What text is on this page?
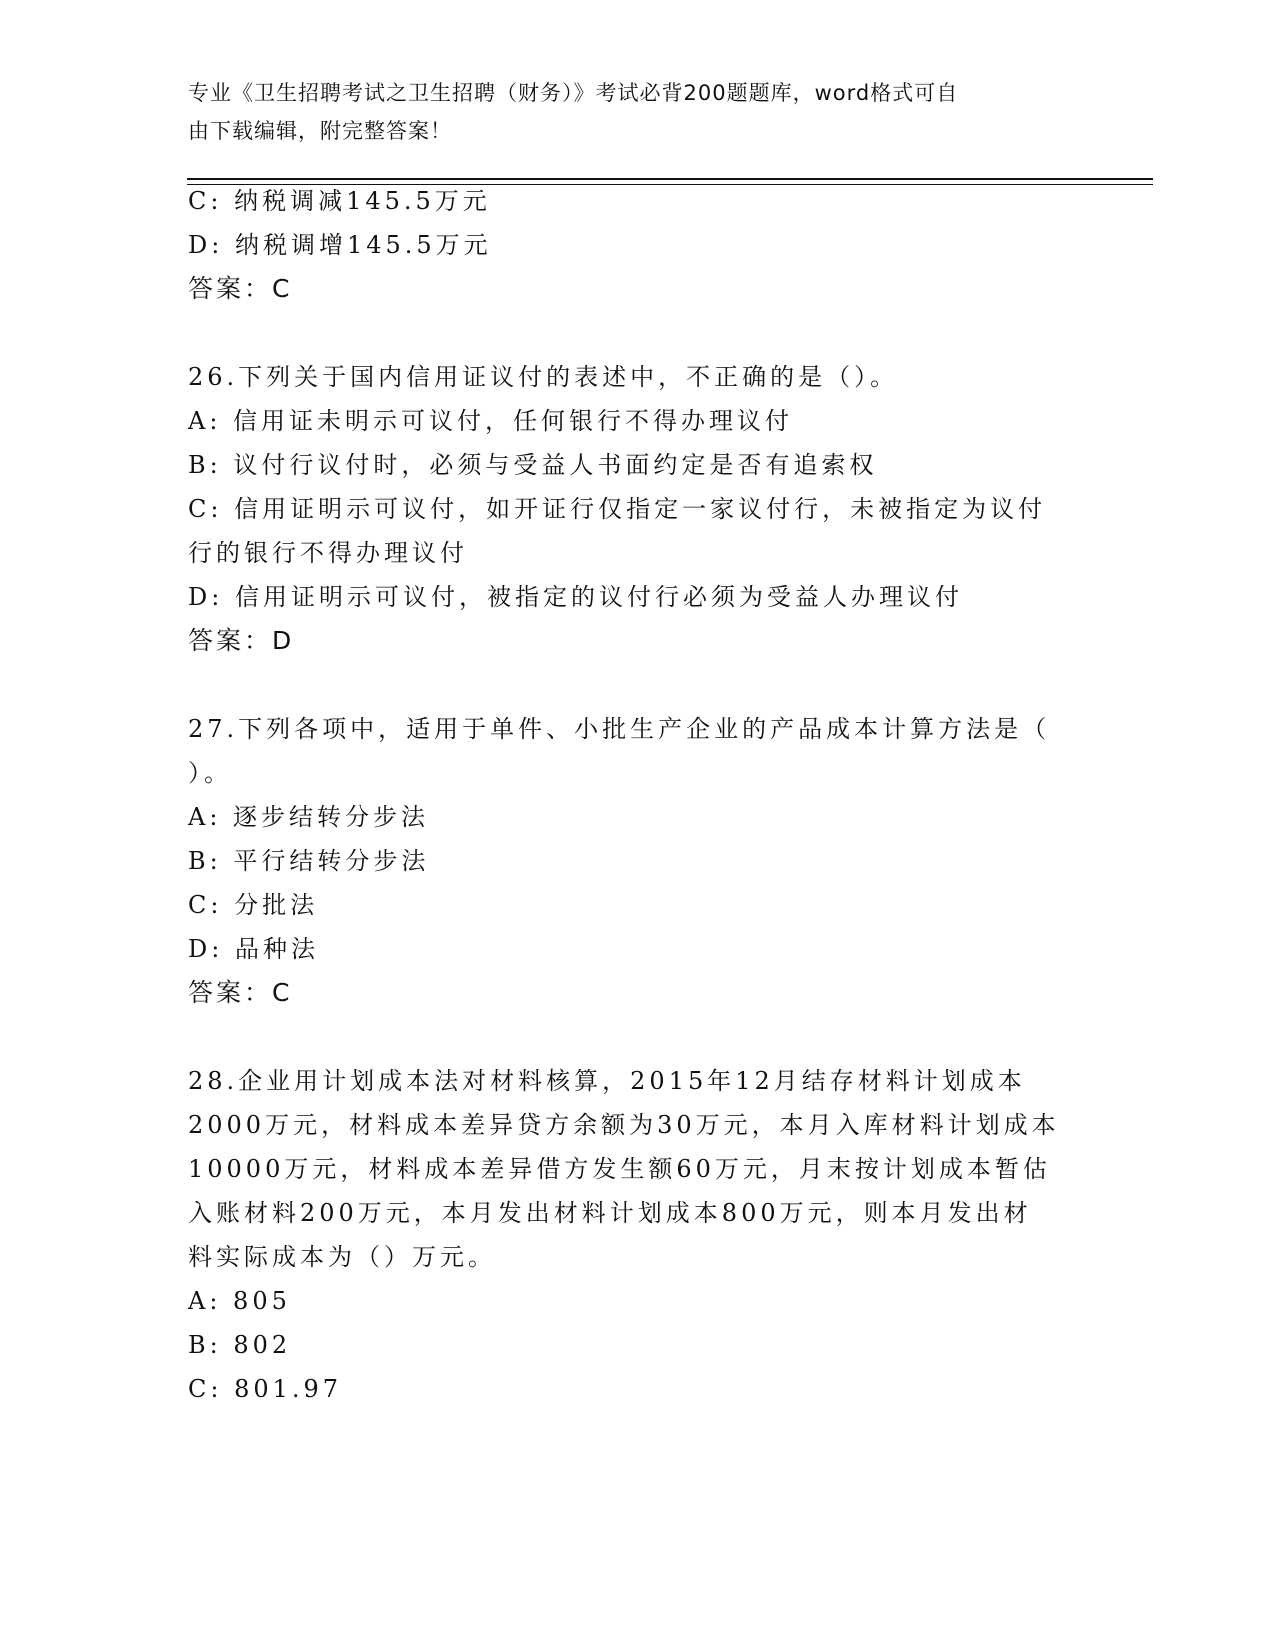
专业《卫生招聘考试之卫生招聘（财务）》考试必背200题题库，word格式可自
由下载编辑，附完整答案！
C: 纳税调减145.5万元
D: 纳税调增145.5万元
答案：C
26.下列关于国内信用证议付的表述中，不正确的是（）。
A: 信用证未明示可议付，任何银行不得办理议付
B: 议付行议付时，必须与受益人书面约定是否有追索权
C: 信用证明示可议付，如开证行仅指定一家议付行，未被指定为议付
行的银行不得办理议付
D: 信用证明示可议付，被指定的议付行必须为受益人办理议付
答案：D
27.下列各项中，适用于单件、小批生产企业的产品成本计算方法是（
）。
A: 逐步结转分步法
B: 平行结转分步法
C: 分批法
D: 品种法
答案：C
28.企业用计划成本法对材料核算，2015年12月结存材料计划成本
2000万元，材料成本差异贷方余额为30万元，本月入库材料计划成本
10000万元，材料成本差异借方发生额60万元，月末按计划成本暂估
入账材料200万元，本月发出材料计划成本800万元，则本月发出材
料实际成本为（）万元。
A: 805
B: 802
C: 801.97
